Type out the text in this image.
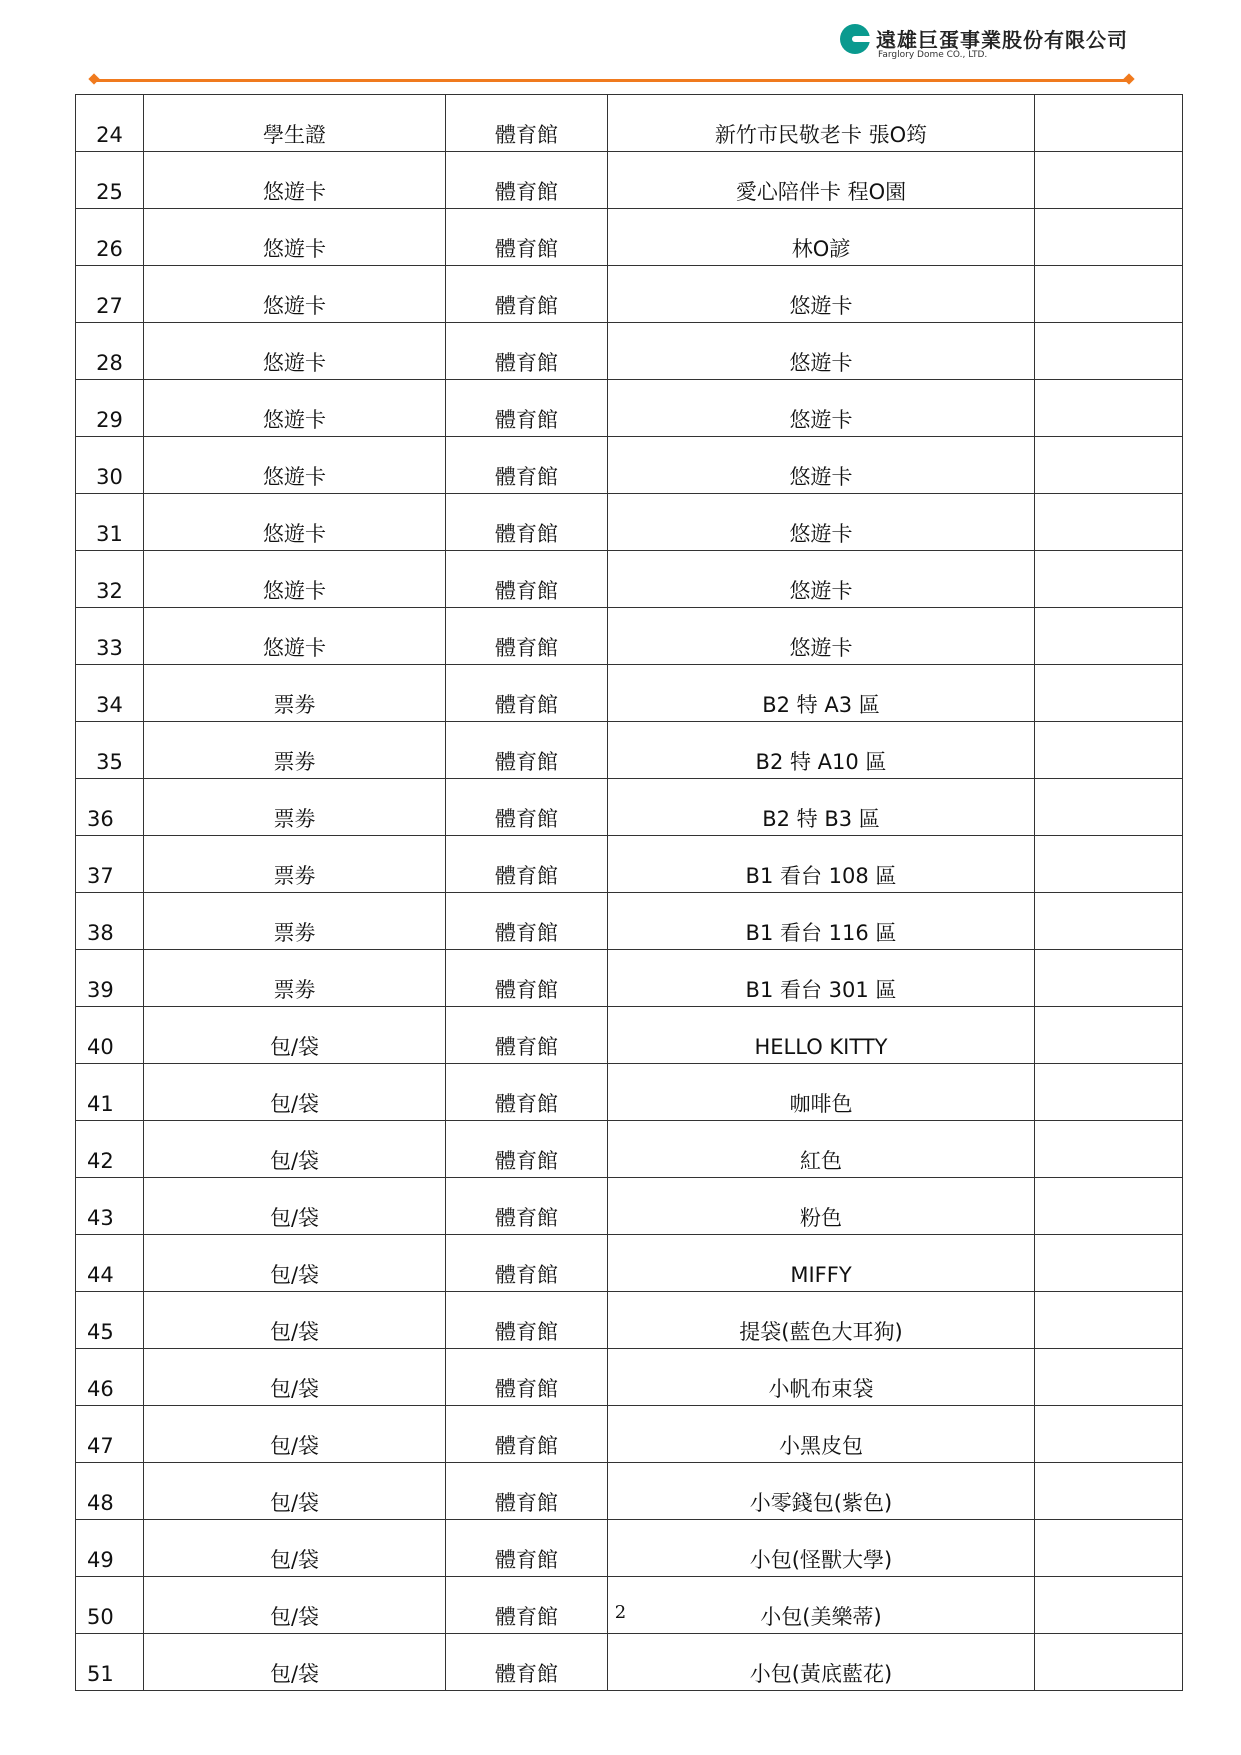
遠雄巨蛋事業股份有限公司
Farglory Dome CO., LTD.
24	學生證	體育館	新竹市民敬老卡 張O筠	
25	悠遊卡	體育館	愛心陪伴卡 程O園	
26	悠遊卡	體育館	林O諺	
27	悠遊卡	體育館	悠遊卡	
28	悠遊卡	體育館	悠遊卡	
29	悠遊卡	體育館	悠遊卡	
30	悠遊卡	體育館	悠遊卡	
31	悠遊卡	體育館	悠遊卡	
32	悠遊卡	體育館	悠遊卡	
33	悠遊卡	體育館	悠遊卡	
34	票劵	體育館	B2 特 A3 區	
35	票劵	體育館	B2 特 A10 區	
36	票劵	體育館	B2 特 B3 區	
37	票劵	體育館	B1 看台 108 區	
38	票劵	體育館	B1 看台 116 區	
39	票劵	體育館	B1 看台 301 區	
40	包/袋	體育館	HELLO KITTY	
41	包/袋	體育館	咖啡色	
42	包/袋	體育館	紅色	
43	包/袋	體育館	粉色	
44	包/袋	體育館	MIFFY	
45	包/袋	體育館	提袋(藍色大耳狗)	
46	包/袋	體育館	小帆布束袋	
47	包/袋	體育館	小黑皮包	
48	包/袋	體育館	小零錢包(紫色)	
49	包/袋	體育館	小包(怪獸大學)	
50	包/袋	體育館	小包(美樂蒂)	
51	包/袋	體育館	小包(黃底藍花)	
2
